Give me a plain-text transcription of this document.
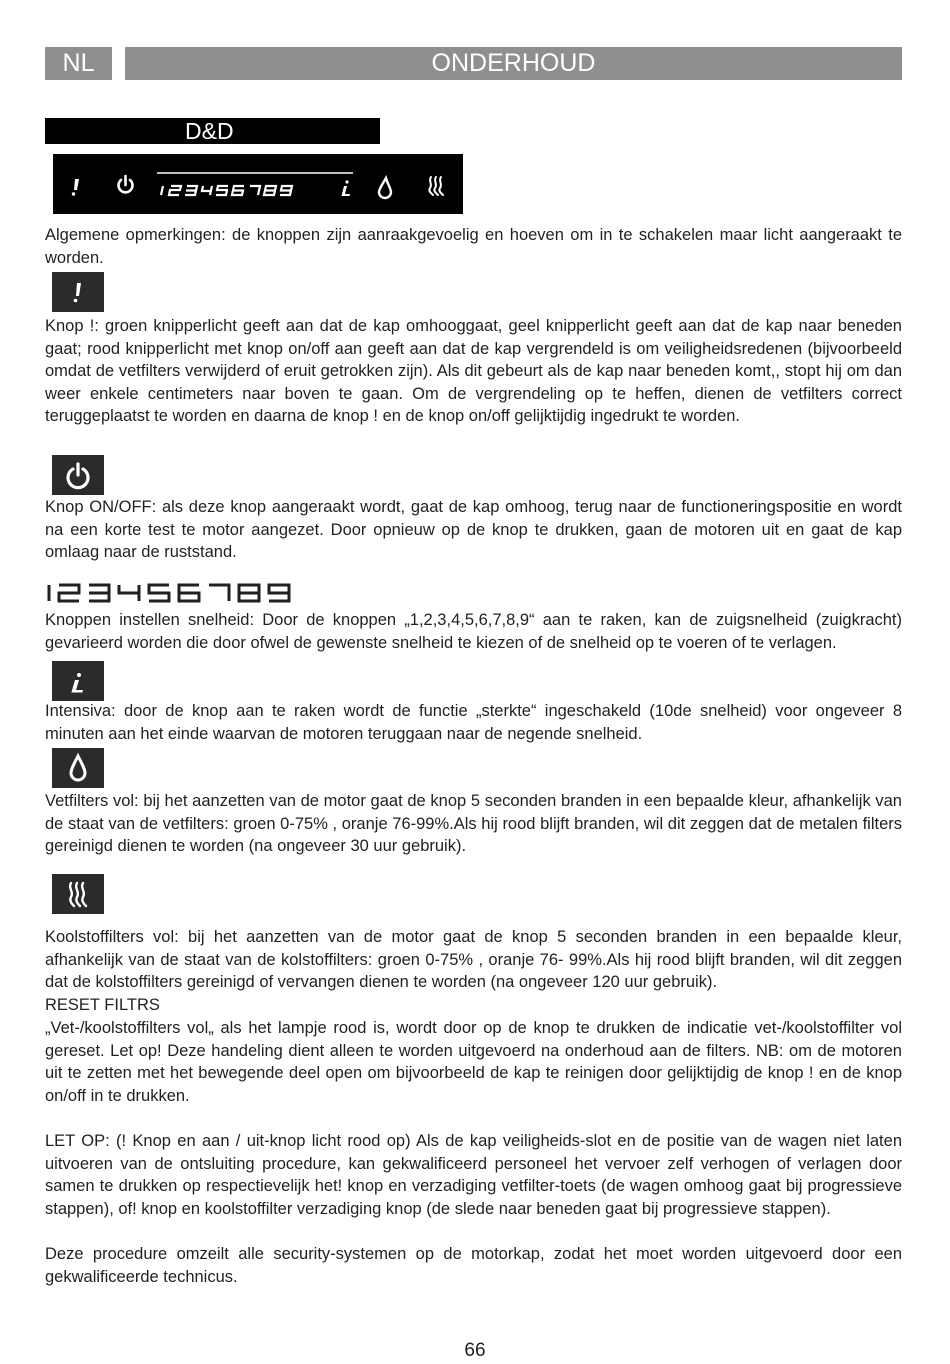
NL	ONDERHOUD
D&D

Algemene opmerkingen: de knoppen zijn aanraakgevoelig en hoeven om in te schakelen maar licht aangeraakt te worden.

Knop !: groen knipperlicht geeft aan dat de kap omhooggaat, geel knipperlicht geeft aan dat de kap naar beneden gaat; rood knipperlicht met knop on/off aan geeft aan dat de kap vergrendeld is om veiligheidsredenen (bijvoorbeeld omdat de vetfilters verwijderd of eruit getrokken zijn). Als dit gebeurt als de kap naar beneden komt,, stopt hij om dan weer enkele centimeters naar boven te gaan. Om de vergrendeling op te heffen, dienen de vetfilters correct teruggeplaatst te worden en daarna de knop ! en de knop on/off gelijktijdig ingedrukt te worden.

Knop ON/OFF: als deze knop aangeraakt wordt, gaat de kap omhoog, terug naar de functioneringspositie en wordt na een korte test te motor aangezet. Door opnieuw op de knop te drukken, gaan de motoren uit en gaat de kap omlaag naar de ruststand.

Knoppen instellen snelheid: Door de knoppen „1,2,3,4,5,6,7,8,9“ aan te raken, kan de zuigsnelheid (zuigkracht) gevarieerd worden die door ofwel de gewenste snelheid te kiezen of de snelheid op te voeren of te verlagen.

Intensiva: door de knop aan te raken wordt de functie „sterkte“ ingeschakeld (10de snelheid) voor ongeveer 8 minuten aan het einde waarvan de motoren teruggaan naar de negende snelheid.

Vetfilters vol: bij het aanzetten van de motor gaat de knop 5 seconden branden in een bepaalde kleur, afhankelijk van de staat van de vetfilters: groen 0-75% , oranje 76-99%.Als hij rood blijft branden, wil dit zeggen dat de metalen filters gereinigd dienen te worden (na ongeveer 30 uur gebruik).

Koolstoffilters vol: bij het aanzetten van de motor gaat de knop 5 seconden branden in een bepaalde kleur, afhankelijk van de staat van de kolstoffilters: groen 0-75% , oranje 76- 99%.Als hij rood blijft branden, wil dit zeggen dat de kolstoffilters gereinigd of vervangen dienen te worden (na ongeveer 120 uur gebruik).

RESET FILTRS

„Vet-/koolstoffilters vol„ als het lampje rood is, wordt door op de knop te drukken de indicatie vet-/koolstoffilter vol gereset. Let op! Deze handeling dient alleen te worden uitgevoerd na onderhoud aan de filters. NB: om de motoren uit te zetten met het bewegende deel open om bijvoorbeeld de kap te reinigen door gelijktijdig de knop ! en de knop on/off in te drukken.

LET OP: (! Knop en aan / uit-knop licht rood op) Als de kap veiligheids-slot en de positie van de wagen niet laten uitvoeren van de ontsluiting procedure, kan gekwalificeerd personeel het vervoer zelf verhogen of verlagen door samen te drukken op respectievelijk het! knop en verzadiging vetfilter-toets (de wagen omhoog gaat bij progressieve stappen), of! knop en koolstoffilter verzadiging knop (de slede naar beneden gaat bij progressieve stappen).

Deze procedure omzeilt alle security-systemen op de motorkap, zodat het moet worden uitgevoerd door een gekwalificeerde technicus.

66
